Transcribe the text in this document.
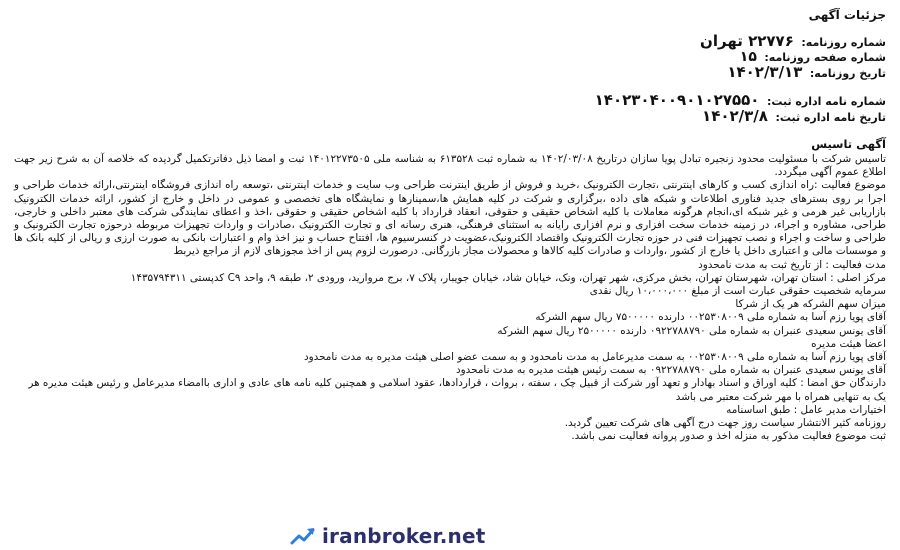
جزئیات آگهی
شماره روزنامه: ۲۲۷۷۶ تهران
شماره صفحه روزنامه: ۱۵
تاریخ روزنامه: ۱۴۰۲/۳/۱۳
شماره نامه اداره ثبت: ۱۴۰۲۳۰۴۰۰۹۰۱۰۲۷۵۵۰
تاریخ نامه اداره ثبت: ۱۴۰۲/۳/۸
آگهی تاسیس

تاسیس شرکت با مسئولیت محدود زنجیره تبادل پویا سازان درتاریخ ۱۴۰۲/۰۳/۰۸ به شماره ثبت ۶۱۳۵۲۸ به شناسه ملی ۱۴۰۱۲۲۷۳۵۰۵ ثبت و امضا ذیل دفاترتکمیل گردیده که خلاصه آن به شرح زیر جهت اطلاع عموم آگهی میگردد.

موضوع فعالیت :راه اندازی کسب و کارهای اینترنتی ،تجارت الکترونیک ،خرید و فروش از طریق اینترنت طراحی وب سایت و خدمات اینترنتی ،توسعه راه اندازی فروشگاه اینترنتی،ارائه خدمات طراحی و اجرا بر روی بسترهای جدید فناوری اطلاعات و شبکه های داده ،برگزاری و شرکت در کلیه همایش ها،سمینارها و نمایشگاه های تخصصی و عمومی در داخل و خارج از کشور، ارائه خدمات الکترونیک بازاریابی غیر هرمی و غیر شبکه ای،انجام هرگونه معاملات با کلیه اشخاص حقیقی و حقوقی، انعقاد قرارداد با کلیه اشخاص حقیقی و حقوقی ،اخذ و اعطای نمایندگی شرکت های معتبر داخلی و خارجی، طراحی، مشاوره و اجراء، در زمینه خدمات سخت افزاری و نرم افزاری رایانه به استثنای فرهنگی، هنری رسانه ای و تجارت الکترونیک ،صادرات و واردات تجهیزات مربوطه درحوزه تجارت الکترونیک و طراحی و ساخت و اجراء و نصب تجهیزات فنی در حوزه تجارت الکترونیک واقتصاد الکترونیک،عضویت در کنسرسیوم ها، افتتاح حساب و نیز اخذ وام و اعتبارات بانکی به صورت ارزی و ریالی از کلیه بانک ها و موسسات مالی و اعتباری داخل یا خارج از کشور ،واردات و صادرات کلیه کالاها و محصولات مجاز بازرگانی. درصورت لزوم پس از اخذ مجوزهای لازم از مراجع ذیربط

مدت فعالیت : از تاریخ ثبت به مدت نامحدود
مرکز اصلی : استان تهران، شهرستان تهران، بخش مرکزی، شهر تهران، ونک، خیابان شاد، خیابان جویبار، پلاک ۷، برج مروارید، ورودی ۲، طبقه ۹، واحد C۹ کدپستی ۱۴۳۵۷۹۴۳۱۱
سرمایه شخصیت حقوقی عبارت است از مبلغ ۱۰،۰۰۰،۰۰۰ ریال نقدی
میزان سهم الشرکه هر یک از شرکا
آقای پویا رزم آسا به شماره ملی ۰۰۲۵۳۰۸۰۰۹ دارنده ۷۵۰۰۰۰۰ ریال سهم الشرکه
آقای یونس سعیدی عنبران به شماره ملی ۰۹۲۲۷۸۸۷۹۰ دارنده ۲۵۰۰۰۰۰ ریال سهم الشرکه
اعضا هیئت مدیره
آقای پویا رزم آسا به شماره ملی ۰۰۲۵۳۰۸۰۰۹ به سمت مدیرعامل به مدت نامحدود و به سمت عضو اصلی هیئت مدیره به مدت نامحدود
آقای یونس سعیدی عنبران به شماره ملی ۰۹۲۲۷۸۸۷۹۰ به سمت رئیس هیئت مدیره به مدت نامحدود
دارندگان حق امضا : کلیه اوراق و اسناد بهادار و تعهد آور شرکت از قبیل چک ، سفته ، بروات ، قراردادها، عقود اسلامی و همچنین کلیه نامه های عادی و اداری باامضاء مدیرعامل و رئیس هیئت مدیره هر یک به تنهایی همراه با مهر شرکت معتبر می باشد
اختیارات مدیر عامل : طبق اساسنامه
روزنامه کثیر الانتشار سیاست روز جهت درج آگهی های شرکت تعیین گردید.
ثبت موضوع فعالیت مذکور به منزله اخذ و صدور پروانه فعالیت نمی باشد.
iranbroker.net
